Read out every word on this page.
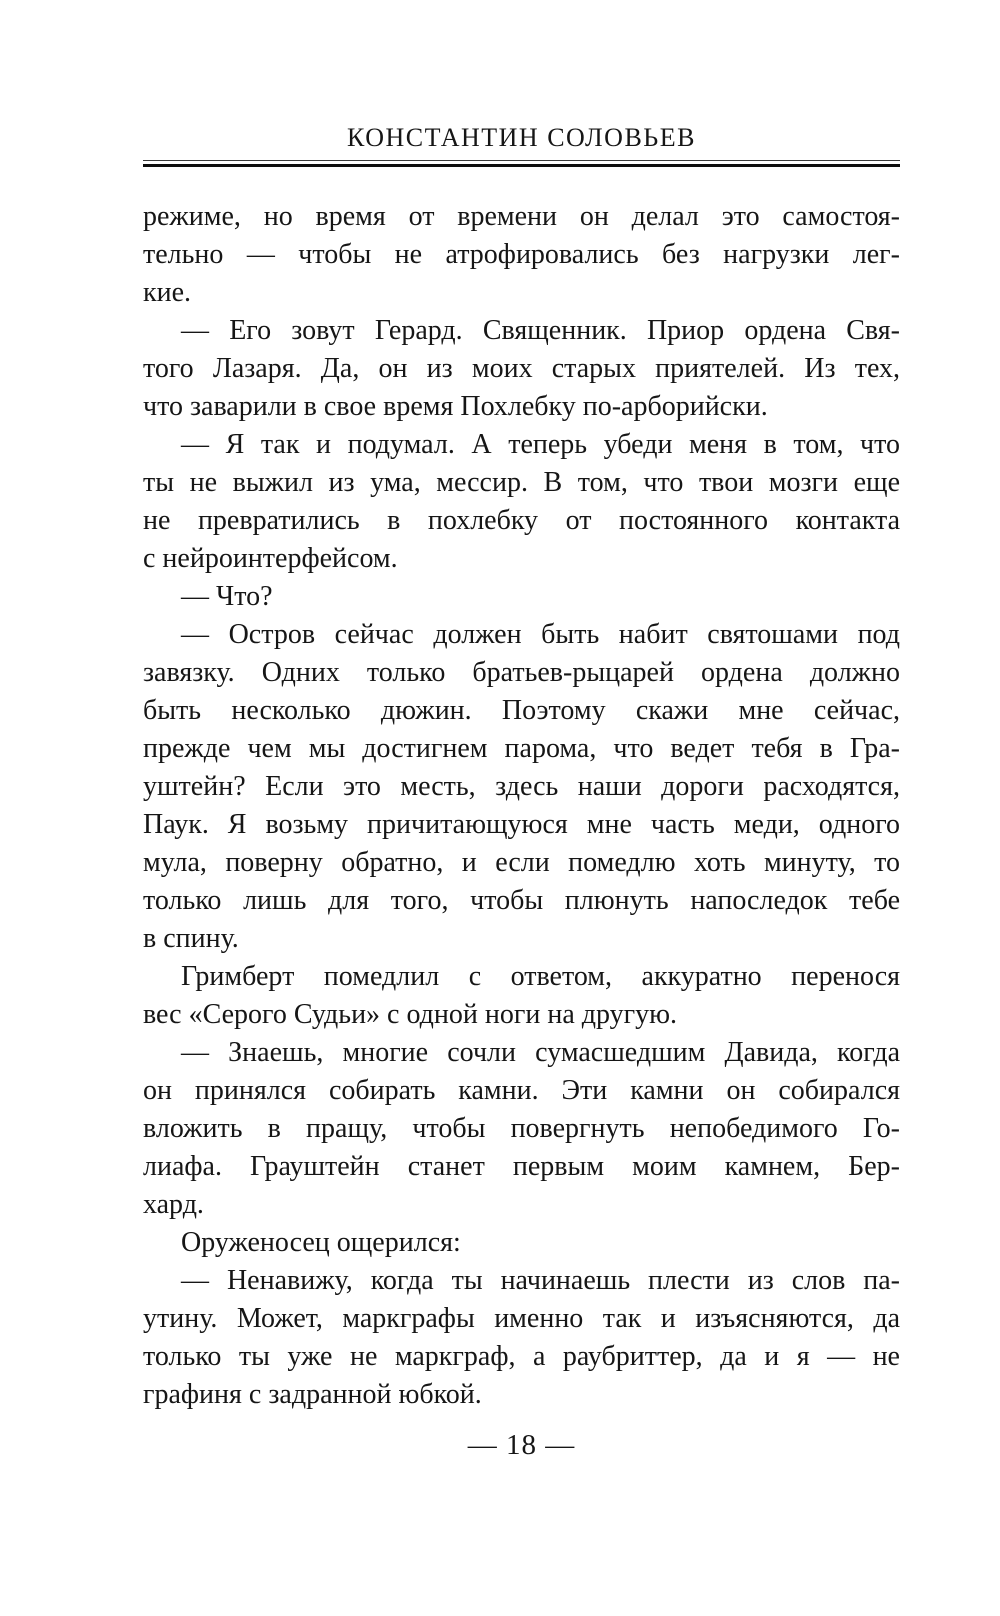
КОНСТАНТИН СОЛОВЬЕВ
режиме, но время от времени он делал это самостоя-
тельно — чтобы не атрофировались без нагрузки лег-
кие.
— Его зовут Герард. Священник. Приор ордена Свя-
того Лазаря. Да, он из моих старых приятелей. Из тех,
что заварили в свое время Похлебку по-арборийски.
— Я так и подумал. А теперь убеди меня в том, что
ты не выжил из ума, мессир. В том, что твои мозги еще
не превратились в похлебку от постоянного контакта
с нейроинтерфейсом.
— Что?
— Остров сейчас должен быть набит святошами под
завязку. Одних только братьев-рыцарей ордена должно
быть несколько дюжин. Поэтому скажи мне сейчас,
прежде чем мы достигнем парома, что ведет тебя в Гра-
уштейн? Если это месть, здесь наши дороги расходятся,
Паук. Я возьму причитающуюся мне часть меди, одного
мула, поверну обратно, и если помедлю хоть минуту, то
только лишь для того, чтобы плюнуть напоследок тебе
в спину.
Гримберт помедлил с ответом, аккуратно перенося
вес «Серого Судьи» с одной ноги на другую.
— Знаешь, многие сочли сумасшедшим Давида, когда
он принялся собирать камни. Эти камни он собирался
вложить в пращу, чтобы повергнуть непобедимого Го-
лиафа. Грауштейн станет первым моим камнем, Бер-
хард.
Оруженосец ощерился:
— Ненавижу, когда ты начинаешь плести из слов па-
утину. Может, маркграфы именно так и изъясняются, да
только ты уже не маркграф, а раубриттер, да и я — не
графиня с задранной юбкой.
— 18 —
